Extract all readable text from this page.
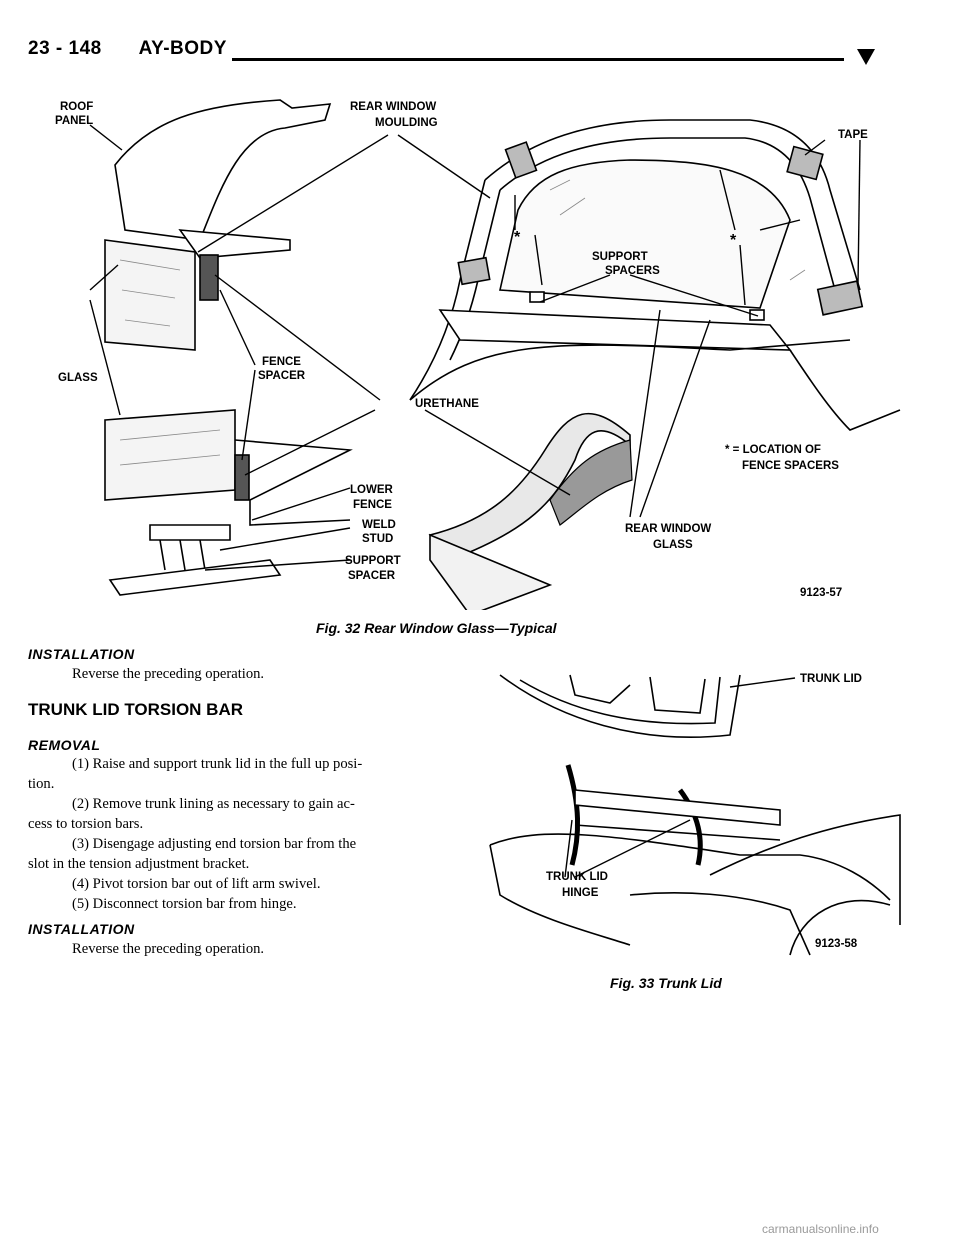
23 - 148 AY-BODY
ROOF
PANEL
REAR WINDOW
MOULDING
TAPE
SUPPORT
SPACERS
*	*
GLASS
FENCE
SPACER
URETHANE
* = LOCATION OF
FENCE SPACERS
LOWER
FENCE
WELD
STUD
SUPPORT
SPACER
REAR WINDOW
GLASS
9123-57
Fig. 32 Rear Window Glass—Typical
INSTALLATION
Reverse the preceding operation.
TRUNK LID TORSION BAR
REMOVAL

(1) Raise and support trunk lid in the full up posi-

tion.

(2) Remove trunk lining as necessary to gain ac-

cess to torsion bars.

(3) Disengage adjusting end torsion bar from the

slot in the tension adjustment bracket.

(4) Pivot torsion bar out of lift arm swivel.

(5) Disconnect torsion bar from hinge.

INSTALLATION
Reverse the preceding operation.
TRUNK LID
TRUNK LID
HINGE
9123-58
Fig. 33 Trunk Lid
carmanualsonline.info
